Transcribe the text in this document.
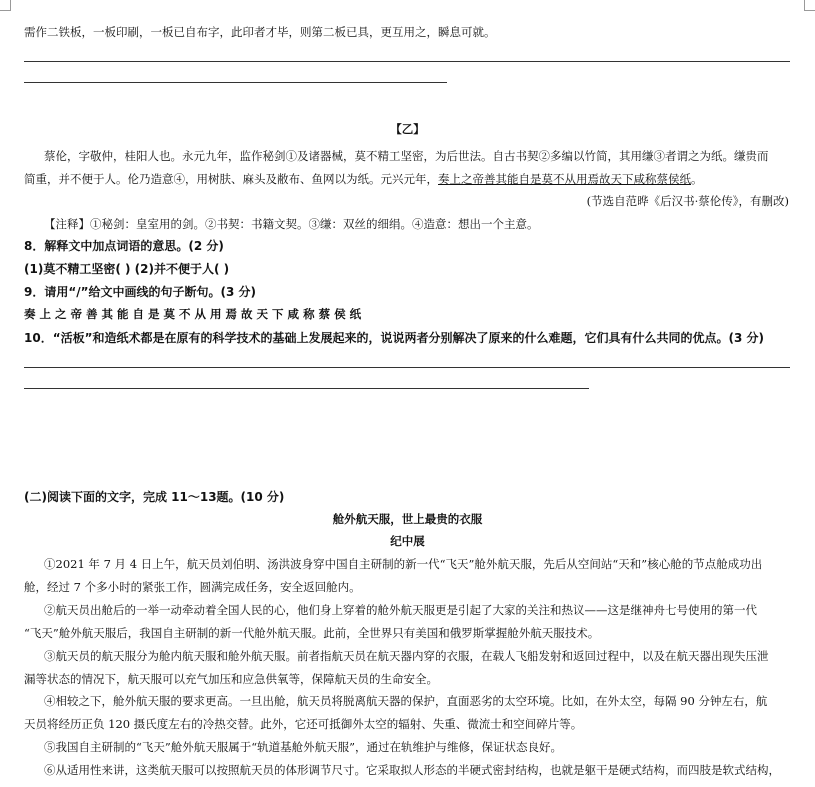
需作二铁板，一板印刷，一板已自布字，此印者才毕，则第二板已具，更互用之，瞬息可就。
【乙】
蔡伦，字敬仲，桂阳人也。永元九年，监作秘剑①及诸器械，莫不精工坚密，为后世法。自古书契②多编以竹简，其用缣③者谓之为纸。缣贵而
简重，并不便于人。伦乃造意④，用树肤、麻头及敝布、鱼网以为纸。元兴元年，奏上之帝善其能自是莫不从用焉故天下咸称蔡侯纸。
(节选自范晔《后汉书·蔡伦传》，有删改)
【注释】①秘剑：皇室用的剑。②书契：书籍文契。③缣：双丝的细绢。④造意：想出一个主意。
8．解释文中加点词语的意思。(2 分)
(1)莫不精工坚密( ) (2)并不便于人( )
9．请用“/”给文中画线的句子断句。(3 分)
奏 上 之 帝 善 其 能 自 是 莫 不 从 用 焉 故 天 下 咸 称 蔡 侯 纸
10．“活板”和造纸术都是在原有的科学技术的基础上发展起来的，说说两者分别解决了原来的什么难题，它们具有什么共同的优点。(3 分)
(二)阅读下面的文字，完成 11～13题。(10 分)
舱外航天服，世上最贵的衣服
纪中展
①2021 年 7 月 4 日上午，航天员刘伯明、汤洪波身穿中国自主研制的新一代“飞天”舱外航天服，先后从空间站“天和”核心舱的节点舱成功出
舱，经过 7 个多小时的紧张工作，圆满完成任务，安全返回舱内。
②航天员出舱后的一举一动牵动着全国人民的心，他们身上穿着的舱外航天服更是引起了大家的关注和热议——这是继神舟七号使用的第一代
“飞天”舱外航天服后，我国自主研制的新一代舱外航天服。此前，全世界只有美国和俄罗斯掌握舱外航天服技术。
③航天员的航天服分为舱内航天服和舱外航天服。前者指航天员在航天器内穿的衣服，在载人飞船发射和返回过程中，以及在航天器出现失压泄
漏等状态的情况下，航天服可以充气加压和应急供氧等，保障航天员的生命安全。
④相较之下，舱外航天服的要求更高。一旦出舱，航天员将脱离航天器的保护，直面恶劣的太空环境。比如，在外太空，每隔 90 分钟左右，航
天员将经历正负 120 摄氏度左右的冷热交替。此外，它还可抵御外太空的辐射、失重、微流士和空间碎片等。
⑤我国自主研制的“飞天”舱外航天服属于“轨道基舱外航天服”，通过在轨维护与维修，保证状态良好。
⑥从适用性来讲，这类航天服可以按照航天员的体形调节尺寸。它采取拟人形态的半硬式密封结构，也就是躯干是硬式结构，而四肢是软式结构，
